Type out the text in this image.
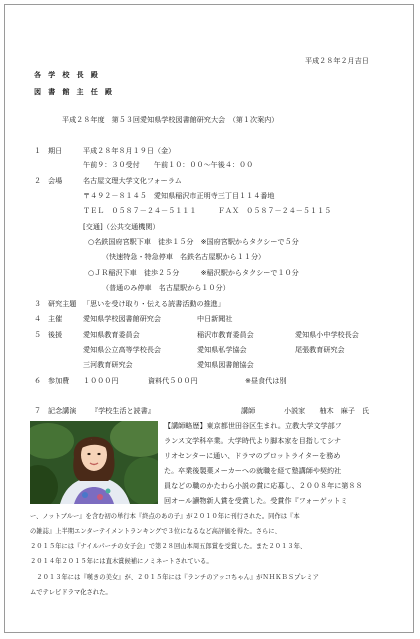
平成２８年２月吉日
各　学　校　長　殿
図　書　館　主　任　殿
平成２８年度　第５３回愛知県学校図書館研究大会　（第１次案内）
１ 期日	平成２８年８月１９日（金）
午前９：３０受付　　午前１０：００～午後４：００
２ 会場	名古屋文理大学文化フォーラム
〒４９２－８１４５　愛知県稲沢市正明寺三丁目１１４番地
ＴＥＬ　０５８７－２４－５１１１　　　ＦＡＸ　０５８７－２４－５１１５
[交通]（公共交通機関）
○名鉄国府宮駅下車　徒歩１５分　※国府宮駅からタクシーで５分
（快速特急・特急停車　名鉄名古屋駅から１１分）
○ＪＲ稲沢下車　徒歩２５分　　　※稲沢駅からタクシーで１０分
（普通のみ停車　名古屋駅から１０分）
３ 研究主題 「思いを受け取り・伝える読書活動の推進」
４ 主催	愛知県学校図書館研究会	中日新聞社
５ 後援	愛知県教育委員会	稲沢市教育委員会	愛知県小中学校長会
愛知県公立高等学校長会	愛知県私学協会	尾張教育研究会
三河教育研究会	愛知県図書館協会
６ 参加費 １０００円	資料代５００円	※昼食代は別
７ 記念講演 『学校生活と読書』	講師	小説家　　柚木　麻子　氏
【講師略歴】東京都世田谷区生まれ。立教大学文学部フ
ランス文学科卒業。大学時代より脚本家を目指してシナ
リオセンターに通い、ドラマのプロットライターを務め
た。卒業後製菓メーカーへの就職を経て塾講師や契約社
員などの職のかたわら小説の賞に応募し、２００８年に第８８
回オール讀物新人賞を受賞した。受賞作『フォーゲットミ
ー、ノットブルー』を含む初の単行本『終点のあの子』が２０１０年に刊行された。同作は『本
の雑誌』上半期エンターテイメントランキングで３位になるなど高評価を得た。さらに、
２０１５年には『ナイルパーチの女子会』で第２８回山本周五郎賞を受賞した。また２０１３年、
２０１４年２０１５年には直木賞候補にノミネートされている。
　２０１３年には『嘆きの美女』が、２０１５年には『ランチのアッコちゃん』がＮＨＫＢＳプレミア
ムでテレビドラマ化された。
